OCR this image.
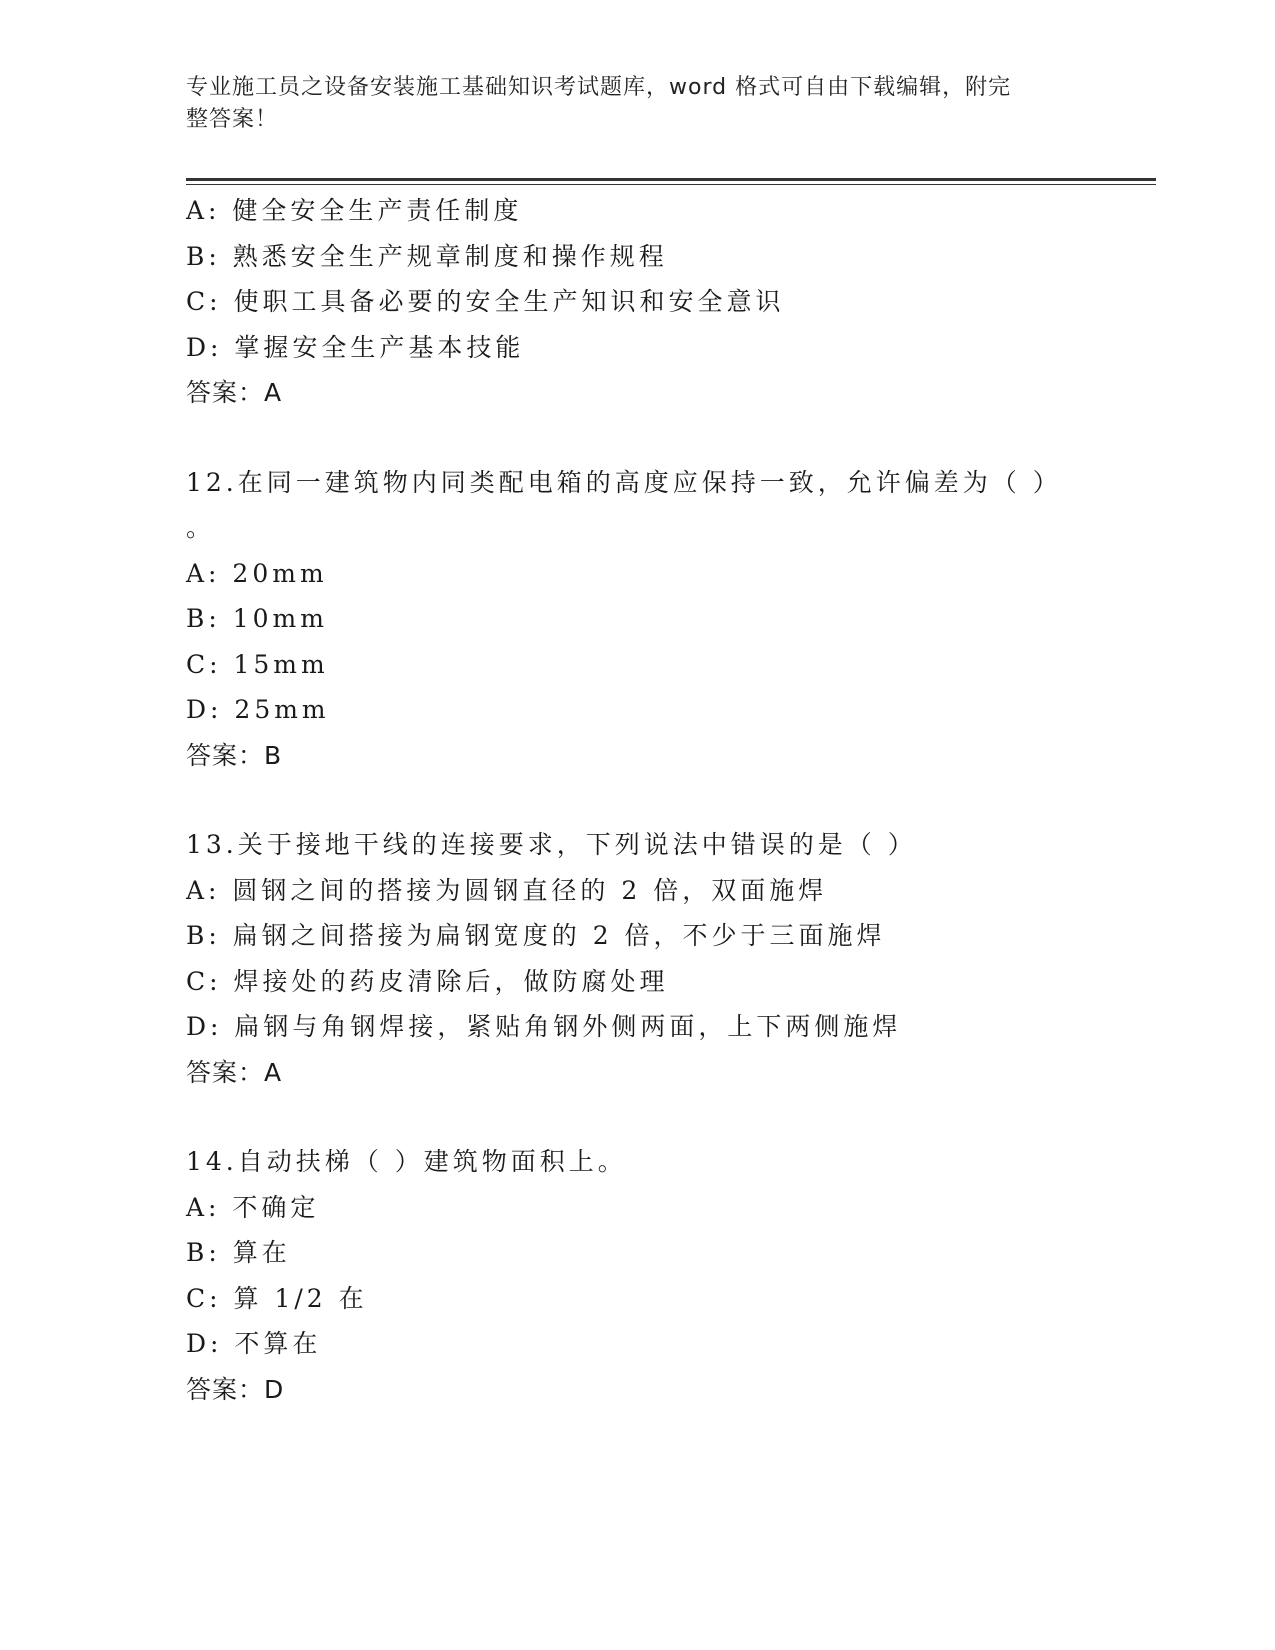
专业施工员之设备安装施工基础知识考试题库，word 格式可自由下载编辑，附完
整答案！
A: 健全安全生产责任制度
B: 熟悉安全生产规章制度和操作规程
C: 使职工具备必要的安全生产知识和安全意识
D: 掌握安全生产基本技能
答案：A
12.在同一建筑物内同类配电箱的高度应保持一致，允许偏差为（ ）
。
A: 20mm
B: 10mm
C: 15mm
D: 25mm
答案：B
13.关于接地干线的连接要求，下列说法中错误的是（ ）
A: 圆钢之间的搭接为圆钢直径的 2 倍，双面施焊
B: 扁钢之间搭接为扁钢宽度的 2 倍，不少于三面施焊
C: 焊接处的药皮清除后，做防腐处理
D: 扁钢与角钢焊接，紧贴角钢外侧两面，上下两侧施焊
答案：A
14.自动扶梯（ ）建筑物面积上。
A: 不确定
B: 算在
C: 算 1/2 在
D: 不算在
答案：D
